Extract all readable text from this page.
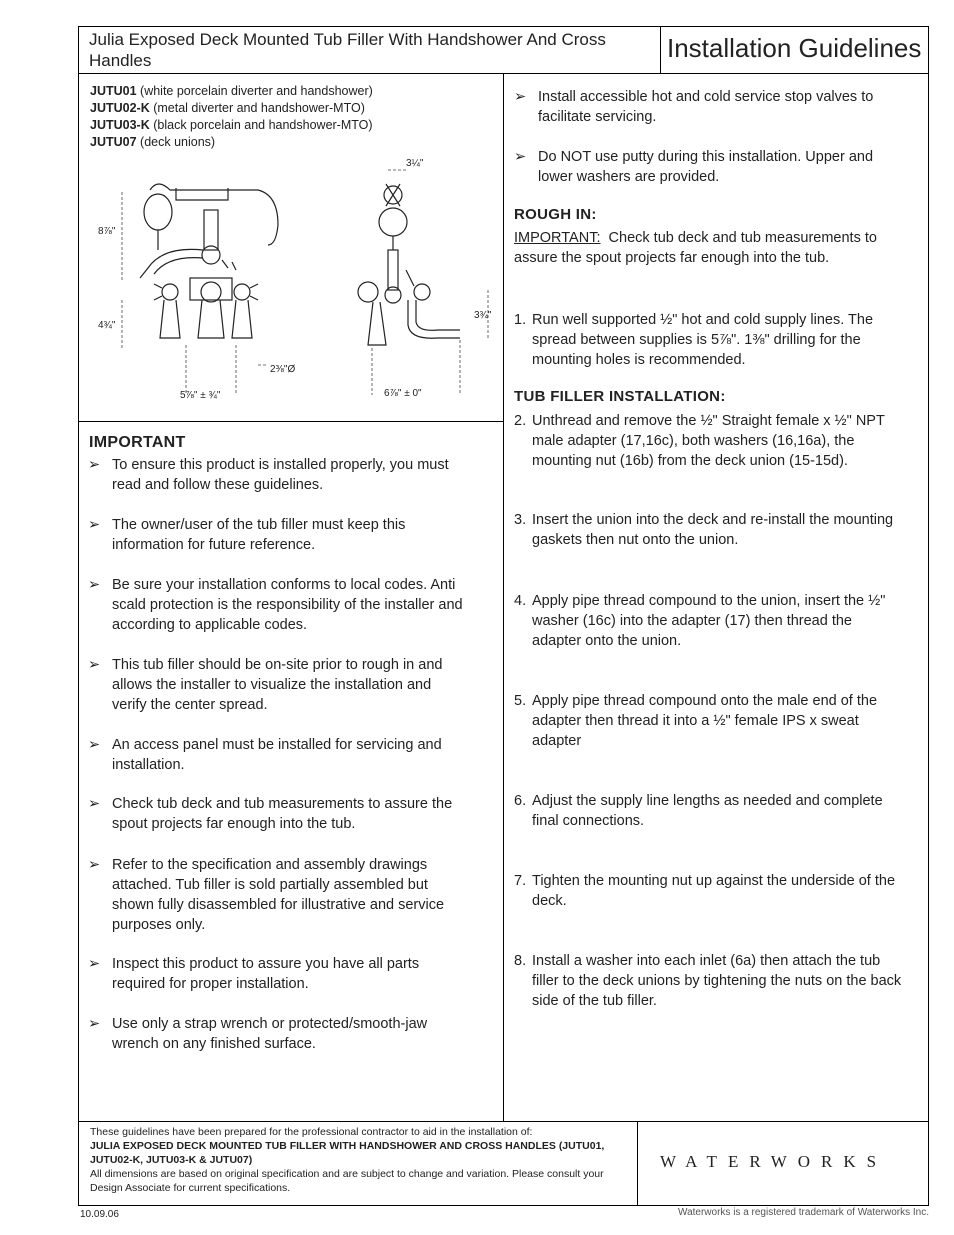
Julia Exposed Deck Mounted Tub Filler With Handshower And Cross Handles	Installation Guidelines
JUTU01 (white porcelain diverter and handshower)
JUTU02-K (metal diverter and handshower-MTO)
JUTU03-K (black porcelain and handshower-MTO)
JUTU07 (deck unions)
8⅞"
4¾"
5⅞" ± ¾"
2⅜"Ø
3¼"
3¾"
6⅞" ± 0"
IMPORTANT
➢ To ensure this product is installed properly, you must read and follow these guidelines.
➢ The owner/user of the tub filler must keep this information for future reference.
➢ Be sure your installation conforms to local codes. Anti scald protection is the responsibility of the installer and according to applicable codes.
➢ This tub filler should be on-site prior to rough in and allows the installer to visualize the installation and verify the center spread.
➢ An access panel must be installed for servicing and installation.
➢ Check tub deck and tub measurements to assure the spout projects far enough into the tub.
➢ Refer to the specification and assembly drawings attached. Tub filler is sold partially assembled but shown fully disassembled for illustrative and service purposes only.
➢ Inspect this product to assure you have all parts required for proper installation.
➢ Use only a strap wrench or protected/smooth-jaw wrench on any finished surface.
➢ Install accessible hot and cold service stop valves to facilitate servicing.
➢ Do NOT use putty during this installation. Upper and lower washers are provided.
ROUGH IN:
IMPORTANT: Check tub deck and tub measurements to assure the spout projects far enough into the tub.
1. Run well supported ½" hot and cold supply lines. The spread between supplies is 5⅞". 1⅜" drilling for the mounting holes is recommended.
TUB FILLER INSTALLATION:
2. Unthread and remove the ½" Straight female x ½" NPT male adapter (17,16c), both washers (16,16a), the mounting nut (16b) from the deck union (15-15d).
3. Insert the union into the deck and re-install the mounting gaskets then nut onto the union.
4. Apply pipe thread compound to the union, insert the ½" washer (16c) into the adapter (17) then thread the adapter onto the union.
5. Apply pipe thread compound onto the male end of the adapter then thread it into a ½" female IPS x sweat adapter
6. Adjust the supply line lengths as needed and complete final connections.
7. Tighten the mounting nut up against the underside of the deck.
8. Install a washer into each inlet (6a) then attach the tub filler to the deck unions by tightening the nuts on the back side of the tub filler.
These guidelines have been prepared for the professional contractor to aid in the installation of:
JULIA EXPOSED DECK MOUNTED TUB FILLER WITH HANDSHOWER AND CROSS HANDLES (JUTU01, JUTU02-K, JUTU03-K & JUTU07)
All dimensions are based on original specification and are subject to change and variation. Please consult your Design Associate for current specifications.
WATERWORKS
10.09.06	Waterworks is a registered trademark of Waterworks Inc.
